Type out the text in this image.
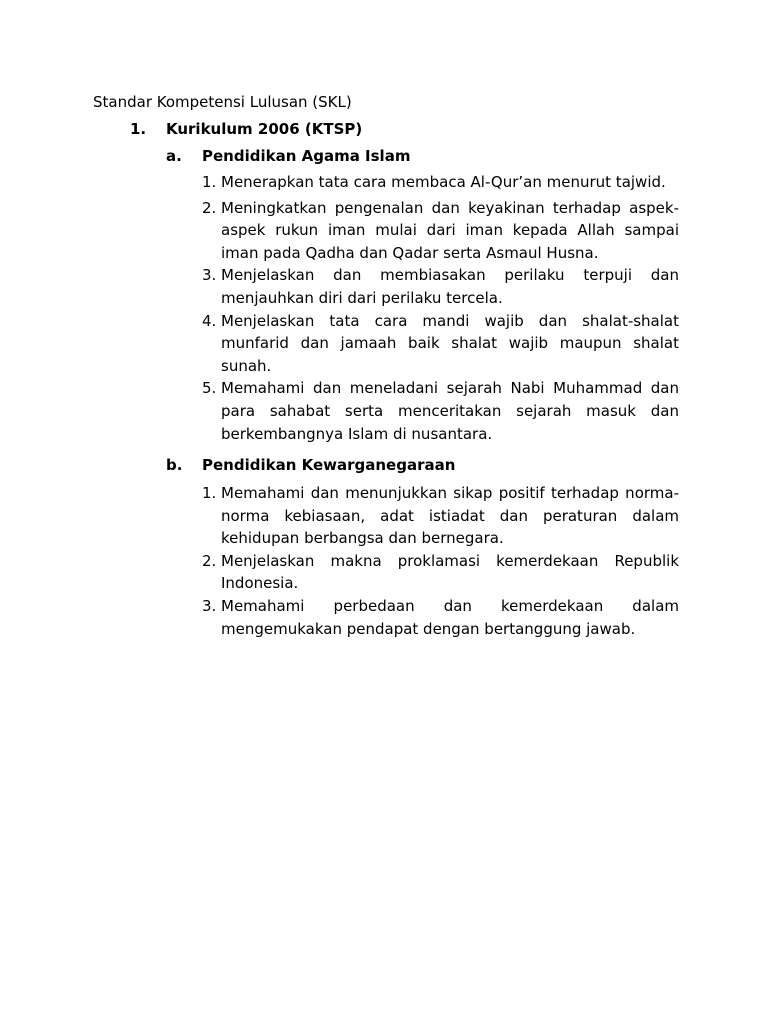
Standar Kompetensi Lulusan (SKL)
1. Kurikulum 2006 (KTSP)
a. Pendidikan Agama Islam
1. Menerapkan tata cara membaca Al-Qur’an menurut tajwid.
2. Meningkatkan pengenalan dan keyakinan terhadap aspek-aspek rukun iman mulai dari iman kepada Allah sampai iman pada Qadha dan Qadar serta Asmaul Husna.
3. Menjelaskan dan membiasakan perilaku terpuji dan menjauhkan diri dari perilaku tercela.
4. Menjelaskan tata cara mandi wajib dan shalat-shalat munfarid dan jamaah baik shalat wajib maupun shalat sunah.
5. Memahami dan meneladani sejarah Nabi Muhammad dan para sahabat serta menceritakan sejarah masuk dan berkembangnya Islam di nusantara.
b. Pendidikan Kewarganegaraan
1. Memahami dan menunjukkan sikap positif terhadap norma- norma kebiasaan, adat istiadat dan peraturan dalam kehidupan berbangsa dan bernegara.
2. Menjelaskan makna proklamasi kemerdekaan Republik Indonesia.
3. Memahami perbedaan dan kemerdekaan dalam mengemukakan pendapat dengan bertanggung jawab.
